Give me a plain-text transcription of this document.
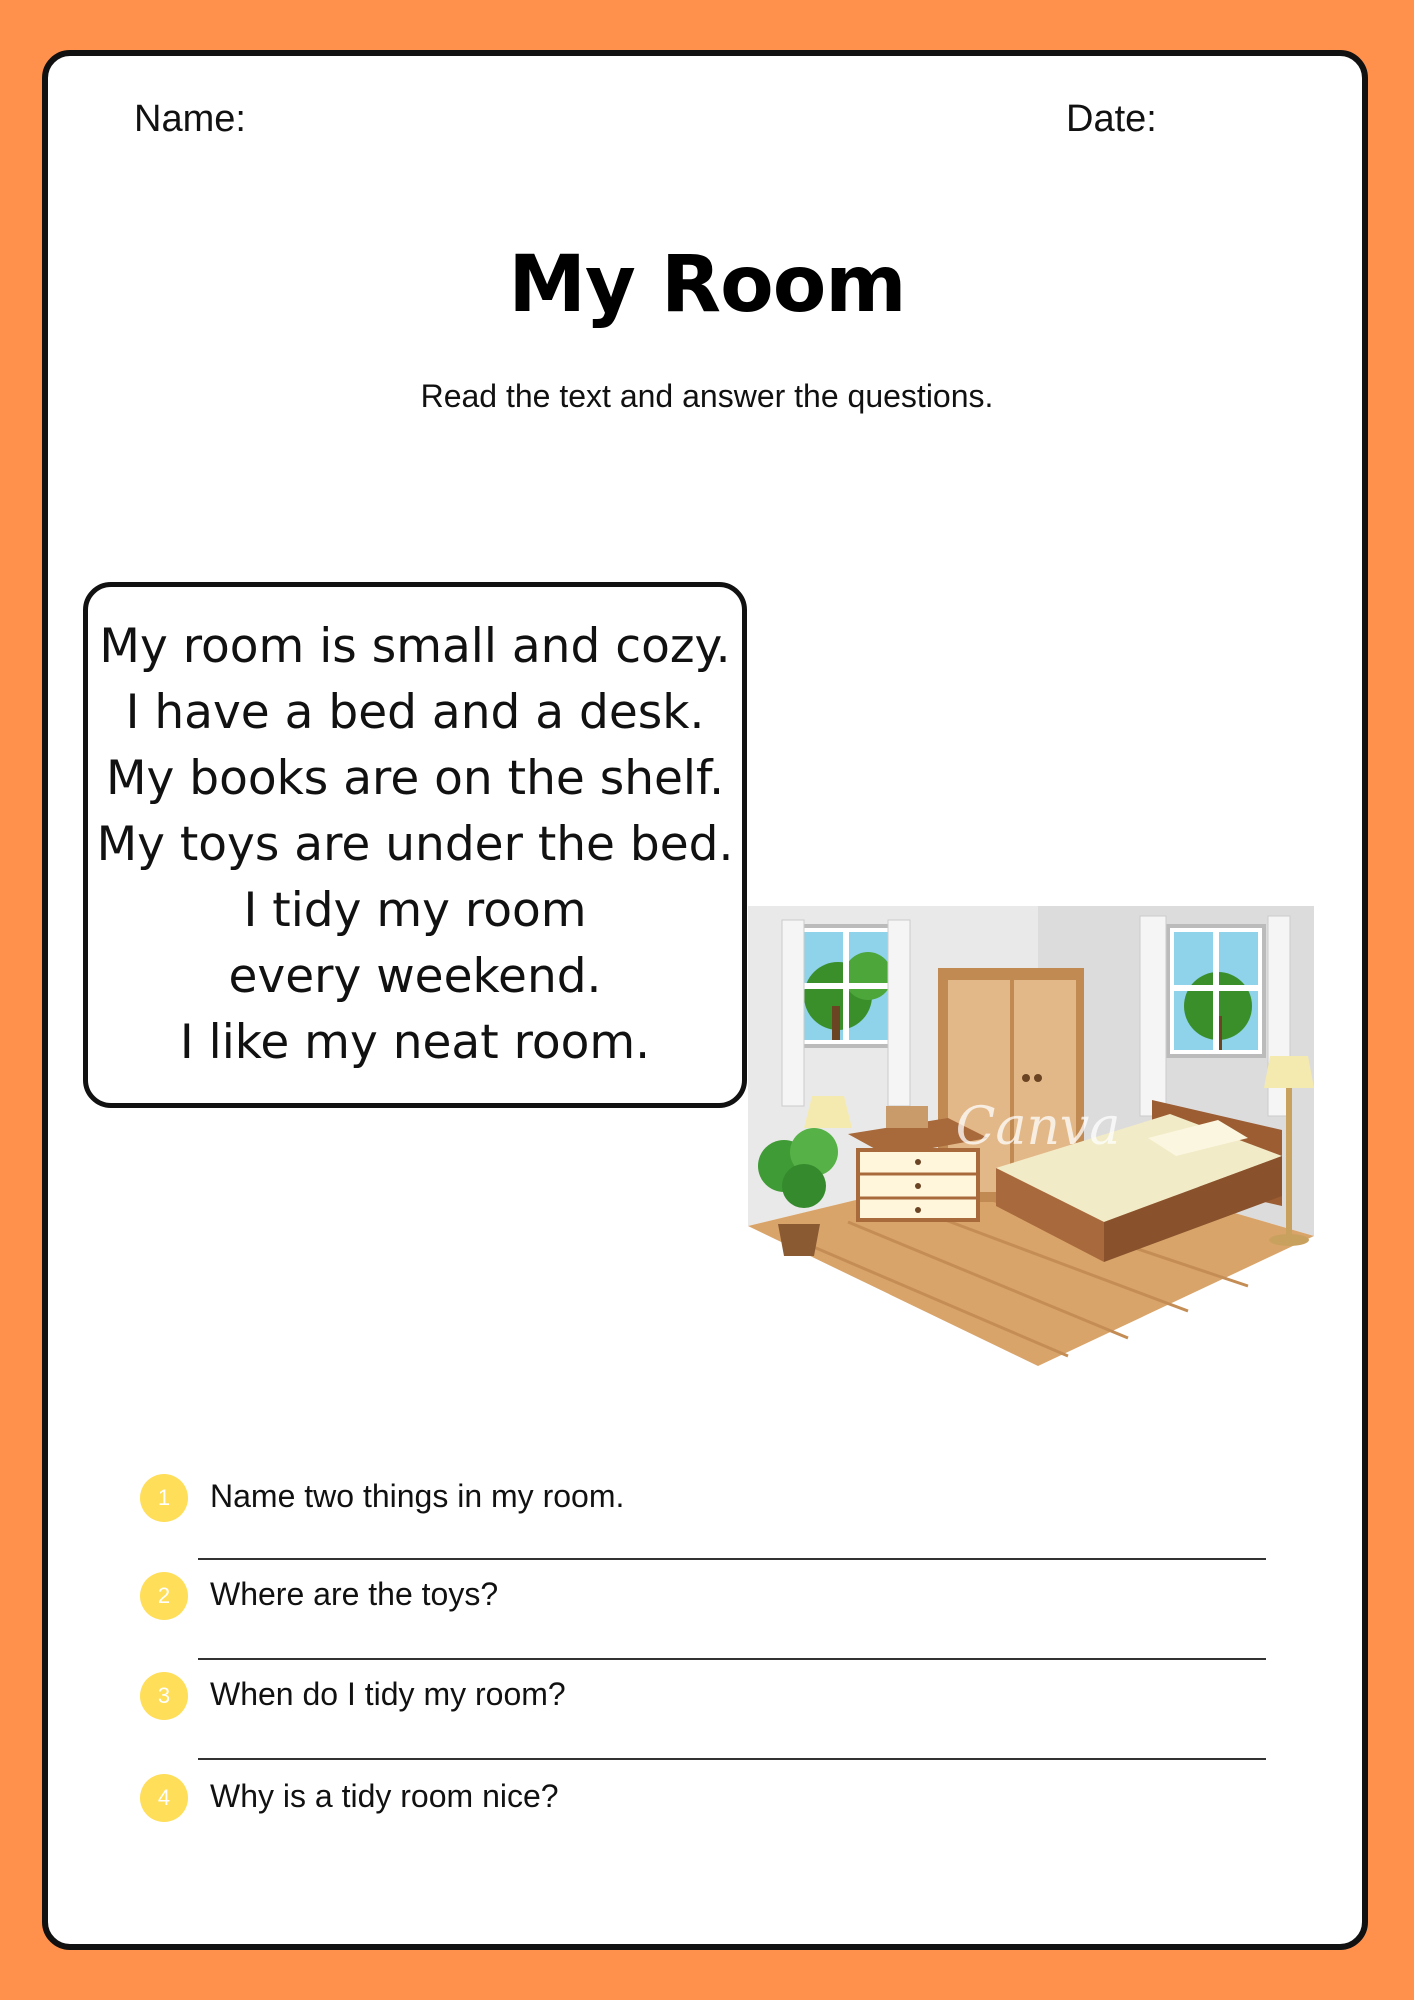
Name:	Date:

My Room

Read the text and answer the questions.

My room is small and cozy.
I have a bed and a desk.
My books are on the shelf.
My toys are under the bed.
I tidy my room every weekend.
I like my neat room.
Canva
1	Name two things in my room.
2	Where are the toys?
3	When do I tidy my room?
4	Why is a tidy room nice?
